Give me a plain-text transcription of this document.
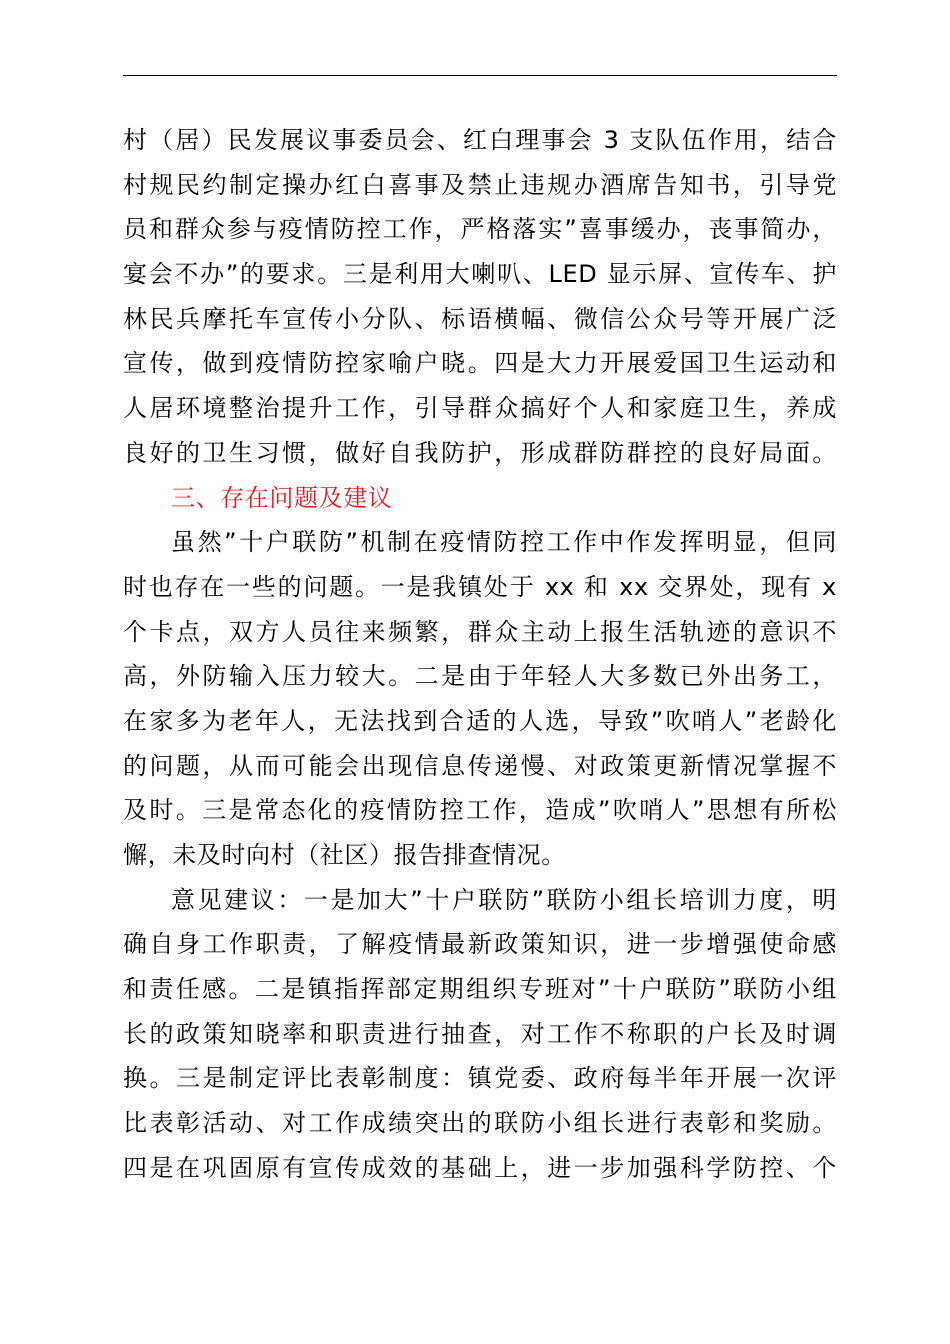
村（居）民发展议事委员会、红白理事会 3 支队伍作用，结合
村规民约制定操办红白喜事及禁止违规办酒席告知书，引导党
员和群众参与疫情防控工作，严格落实”喜事缓办，丧事简办，
宴会不办”的要求。三是利用大喇叭、LED 显示屏、宣传车、护
林民兵摩托车宣传小分队、标语横幅、微信公众号等开展广泛
宣传，做到疫情防控家喻户晓。四是大力开展爱国卫生运动和
人居环境整治提升工作，引导群众搞好个人和家庭卫生，养成
良好的卫生习惯，做好自我防护，形成群防群控的良好局面。
三、存在问题及建议
虽然”十户联防”机制在疫情防控工作中作发挥明显，但同
时也存在一些的问题。一是我镇处于 xx 和 xx 交界处，现有 x
个卡点，双方人员往来频繁，群众主动上报生活轨迹的意识不
高，外防输入压力较大。二是由于年轻人大多数已外出务工，
在家多为老年人，无法找到合适的人选，导致”吹哨人”老龄化
的问题，从而可能会出现信息传递慢、对政策更新情况掌握不
及时。三是常态化的疫情防控工作，造成”吹哨人”思想有所松
懈，未及时向村（社区）报告排查情况。
意见建议：一是加大”十户联防”联防小组长培训力度，明
确自身工作职责，了解疫情最新政策知识，进一步增强使命感
和责任感。二是镇指挥部定期组织专班对”十户联防”联防小组
长的政策知晓率和职责进行抽查，对工作不称职的户长及时调
换。三是制定评比表彰制度：镇党委、政府每半年开展一次评
比表彰活动、对工作成绩突出的联防小组长进行表彰和奖励。
四是在巩固原有宣传成效的基础上，进一步加强科学防控、个
